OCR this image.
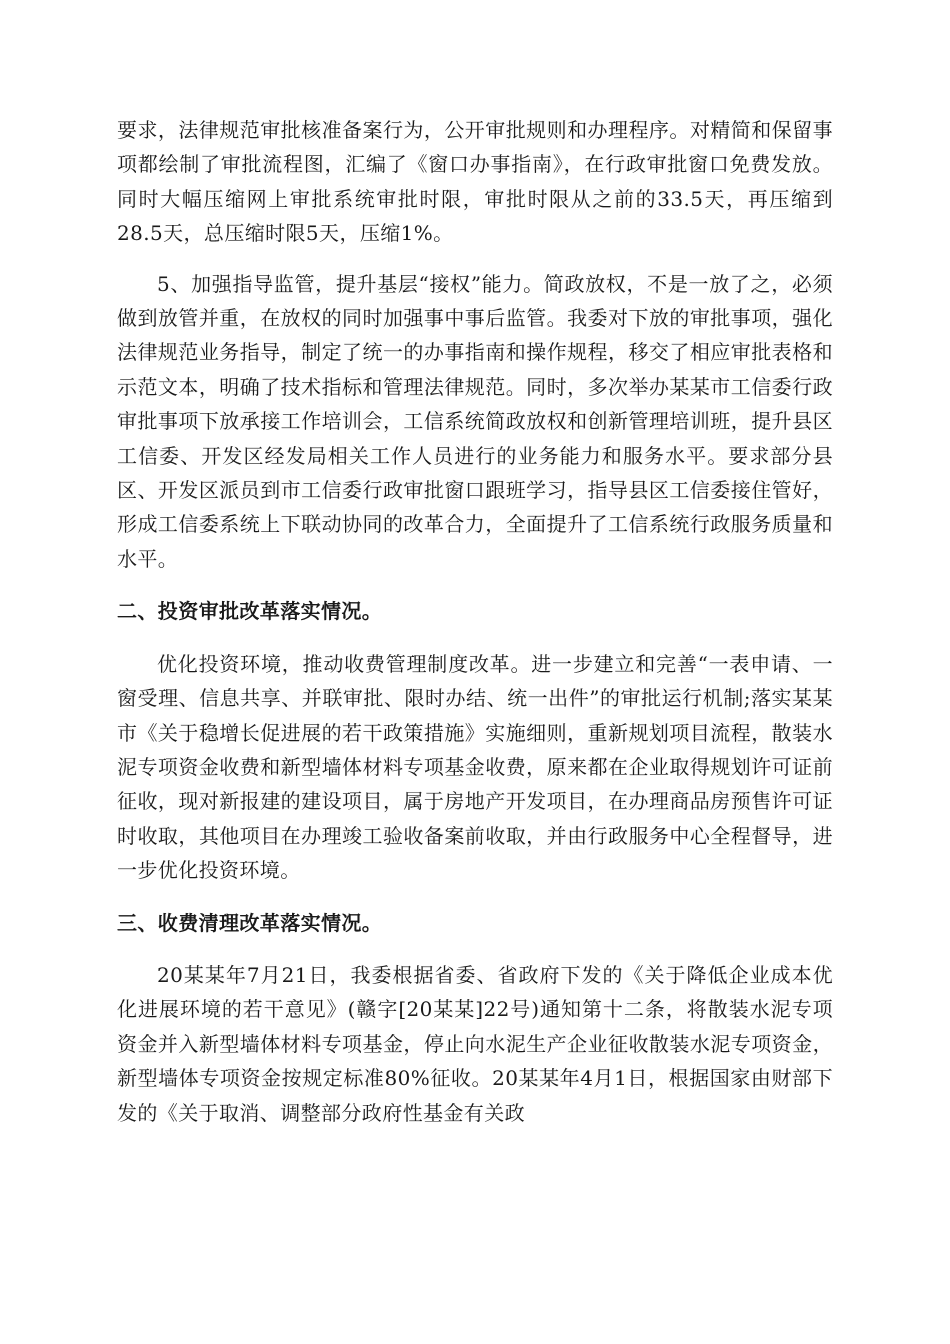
要求，法律规范审批核准备案行为，公开审批规则和办理程序。对精简和保留事项都绘制了审批流程图，汇编了《窗口办事指南》，在行政审批窗口免费发放。同时大幅压缩网上审批系统审批时限，审批时限从之前的33.5天，再压缩到28.5天，总压缩时限5天，压缩1%。

5、加强指导监管，提升基层“接权”能力。简政放权，不是一放了之，必须做到放管并重，在放权的同时加强事中事后监管。我委对下放的审批事项，强化法律规范业务指导，制定了统一的办事指南和操作规程，移交了相应审批表格和示范文本，明确了技术指标和管理法律规范。同时，多次举办某某市工信委行政审批事项下放承接工作培训会，工信系统简政放权和创新管理培训班，提升县区工信委、开发区经发局相关工作人员进行的业务能力和服务水平。要求部分县区、开发区派员到市工信委行政审批窗口跟班学习，指导县区工信委接住管好，形成工信委系统上下联动协同的改革合力，全面提升了工信系统行政服务质量和水平。

二、投资审批改革落实情况。

优化投资环境，推动收费管理制度改革。进一步建立和完善“一表申请、一窗受理、信息共享、并联审批、限时办结、统一出件”的审批运行机制;落实某某市《关于稳增长促进展的若干政策措施》实施细则，重新规划项目流程，散装水泥专项资金收费和新型墙体材料专项基金收费，原来都在企业取得规划许可证前征收，现对新报建的建设项目，属于房地产开发项目，在办理商品房预售许可证时收取，其他项目在办理竣工验收备案前收取，并由行政服务中心全程督导，进一步优化投资环境。

三、收费清理改革落实情况。

20某某年7月21日，我委根据省委、省政府下发的《关于降低企业成本优化进展环境的若干意见》(赣字[20某某]22号)通知第十二条，将散装水泥专项资金并入新型墙体材料专项基金，停止向水泥生产企业征收散装水泥专项资金，新型墙体专项资金按规定标准80%征收。20某某年4月1日，根据国家由财部下发的《关于取消、调整部分政府性基金有关政
